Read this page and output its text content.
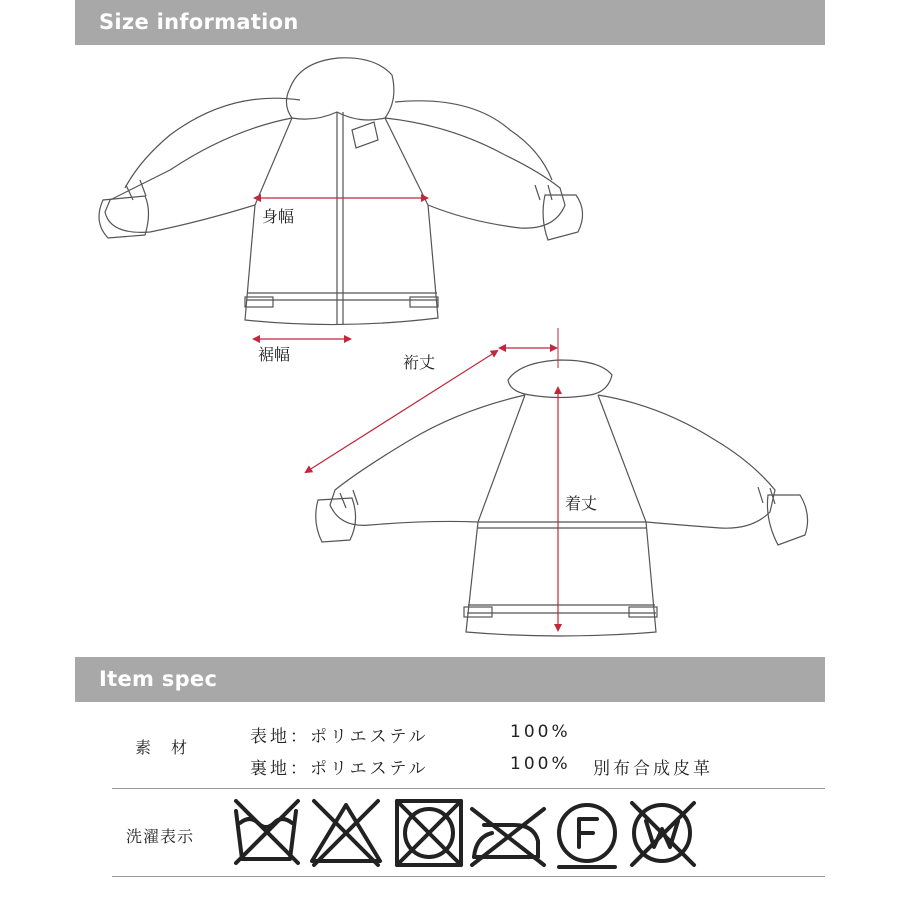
Size information
身幅
裾幅	裄丈
着丈
Item spec
素　材
表地：ポリエステル	100%
裏地：ポリエステル	100% 別布合成皮革
洗濯表示
